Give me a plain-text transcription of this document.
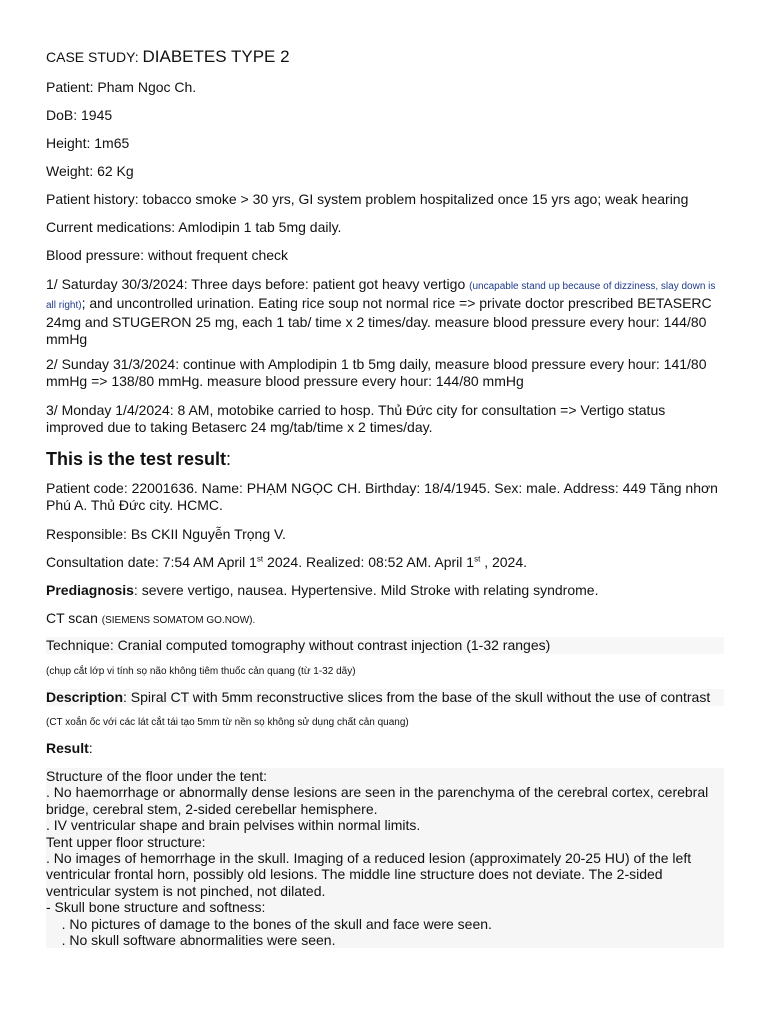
CASE STUDY: DIABETES TYPE 2

Patient: Pham Ngoc Ch.

DoB: 1945

Height: 1m65

Weight: 62 Kg

Patient history: tobacco smoke > 30 yrs, GI system problem hospitalized once 15 yrs ago; weak hearing

Current medications: Amlodipin 1 tab 5mg daily.

Blood pressure: without frequent check

1/ Saturday 30/3/2024: Three days before: patient got heavy vertigo (uncapable stand up because of dizziness, slay down is all right); and uncontrolled urination. Eating rice soup not normal rice => private doctor prescribed BETASERC 24mg and STUGERON 25 mg, each 1 tab/ time x 2 times/day. measure blood pressure every hour: 144/80 mmHg

2/ Sunday 31/3/2024: continue with Amplodipin 1 tb 5mg daily, measure blood pressure every hour: 141/80 mmHg => 138/80 mmHg. measure blood pressure every hour: 144/80 mmHg

3/ Monday 1/4/2024: 8 AM, motobike carried to hosp. Thủ Đức city for consultation => Vertigo status improved due to taking Betaserc 24 mg/tab/time x 2 times/day.

This is the test result:

Patient code: 22001636. Name: PHẠM NGỌC CH. Birthday: 18/4/1945. Sex: male. Address: 449 Tăng nhơn Phú A. Thủ Đức city. HCMC.

Responsible: Bs CKII Nguyễn Trọng V.

Consultation date: 7:54 AM April 1st 2024. Realized: 08:52 AM. April 1st , 2024.

Prediagnosis: severe vertigo, nausea. Hypertensive. Mild Stroke with relating syndrome.

CT scan (SIEMENS SOMATOM GO.NOW).

Technique: Cranial computed tomography without contrast injection (1-32 ranges)

(chụp cắt lớp vi tính sọ não không tiêm thuốc cản quang (từ 1-32 dãy)

Description: Spiral CT with 5mm reconstructive slices from the base of the skull without the use of contrast

(CT xoắn ốc với các lát cắt tái tạo 5mm từ nền sọ không sử dụng chất cản quang)

Result:

Structure of the floor under the tent:
. No haemorrhage or abnormally dense lesions are seen in the parenchyma of the cerebral cortex, cerebral bridge, cerebral stem, 2-sided cerebellar hemisphere.
. IV ventricular shape and brain pelvises within normal limits.
Tent upper floor structure:
. No images of hemorrhage in the skull. Imaging of a reduced lesion (approximately 20-25 HU) of the left ventricular frontal horn, possibly old lesions. The middle line structure does not deviate. The 2-sided ventricular system is not pinched, not dilated.
- Skull bone structure and softness:
. No pictures of damage to the bones of the skull and face were seen.
. No skull software abnormalities were seen.
